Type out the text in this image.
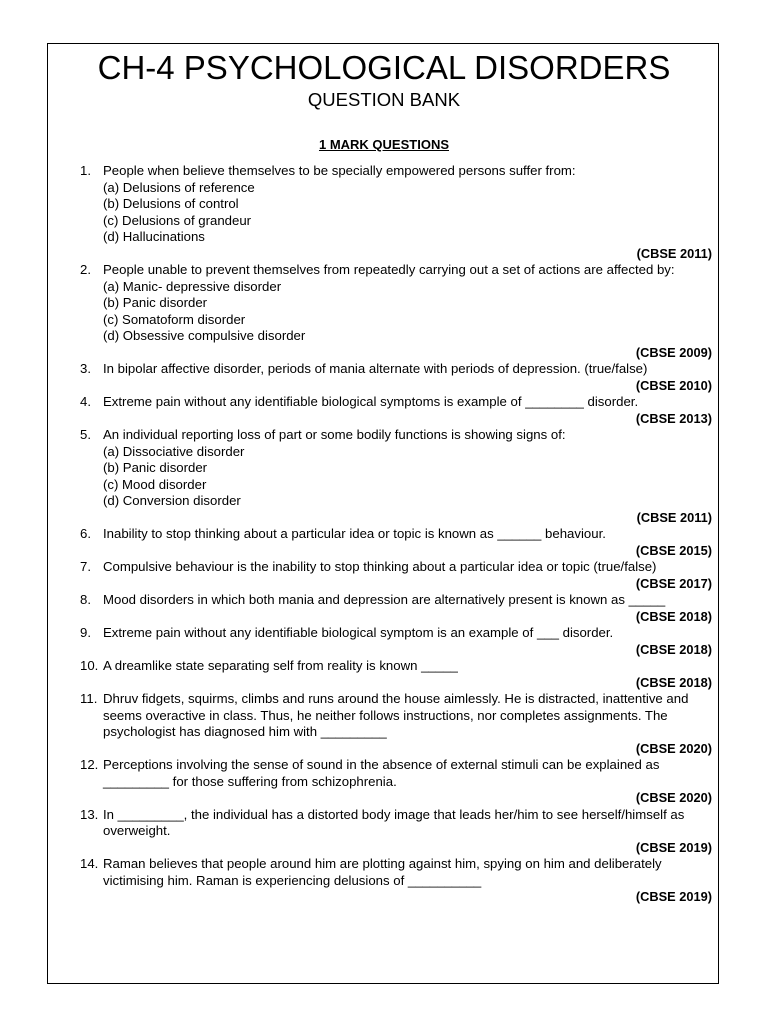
CH-4 PSYCHOLOGICAL DISORDERS
QUESTION BANK
1 MARK QUESTIONS
1. People when believe themselves to be specially empowered persons suffer from:
(a) Delusions of reference
(b) Delusions of control
(c) Delusions of grandeur
(d) Hallucinations
(CBSE 2011)
2. People unable to prevent themselves from repeatedly carrying out a set of actions are affected by:
(a) Manic- depressive disorder
(b) Panic disorder
(c) Somatoform disorder
(d) Obsessive compulsive disorder
(CBSE 2009)
3. In bipolar affective disorder, periods of mania alternate with periods of depression. (true/false)
(CBSE 2010)
4. Extreme pain without any identifiable biological symptoms is example of ________ disorder.
(CBSE 2013)
5. An individual reporting loss of part or some bodily functions is showing signs of:
(a) Dissociative disorder
(b) Panic disorder
(c) Mood disorder
(d) Conversion disorder
(CBSE 2011)
6. Inability to stop thinking about a particular idea or topic is known as ______ behaviour.
(CBSE 2015)
7. Compulsive behaviour is the inability to stop thinking about a particular idea or topic (true/false)
(CBSE 2017)
8. Mood disorders in which both mania and depression are alternatively present is known as _____
(CBSE 2018)
9. Extreme pain without any identifiable biological symptom is an example of ___ disorder.
(CBSE 2018)
10. A dreamlike state separating self from reality is known _____
(CBSE 2018)
11. Dhruv fidgets, squirms, climbs and runs around the house aimlessly. He is distracted, inattentive and seems overactive in class. Thus, he neither follows instructions, nor completes assignments. The psychologist has diagnosed him with _________
(CBSE 2020)
12. Perceptions involving the sense of sound in the absence of external stimuli can be explained as _________ for those suffering from schizophrenia.
(CBSE 2020)
13. In _________, the individual has a distorted body image that leads her/him to see herself/himself as overweight.
(CBSE 2019)
14. Raman believes that people around him are plotting against him, spying on him and deliberately victimising him. Raman is experiencing delusions of __________
(CBSE 2019)
